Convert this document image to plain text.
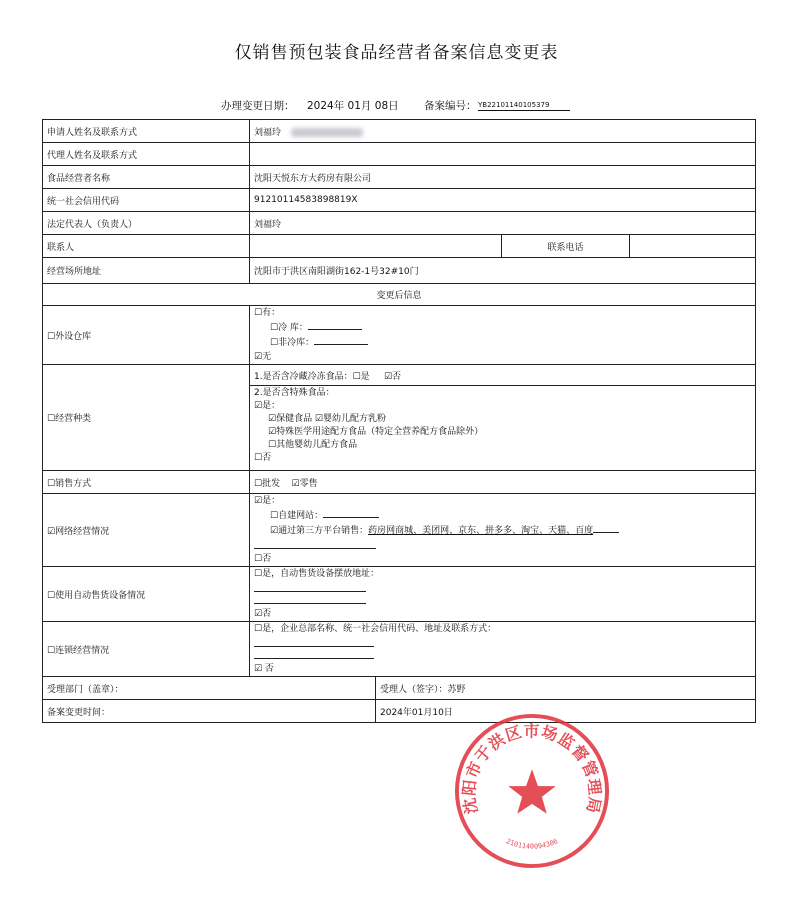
仅销售预包装食品经营者备案信息变更表
办理变更日期： 2024年 01月 08日 备案编号： YB22101140105379
申请人姓名及联系方式	刘福玲
代理人姓名及联系方式	
食品经营者名称	沈阳天悦东方大药房有限公司
统一社会信用代码	91210114583898819X
法定代表人（负责人）	刘福玲
联系人		联系电话	
经营场所地址	沈阳市于洪区南阳湖街162-1号32#10门
变更后信息
☐外设仓库	
☐有：
☐冷 库：
☐非冷库：
☑无

☐经营种类	
1.是否含冷藏冷冻食品：☐是 ☑否

2.是否含特殊食品：
☑是：
☑保健食品 ☑婴幼儿配方乳粉
☑特殊医学用途配方食品（特定全营养配方食品除外）
☐其他婴幼儿配方食品
☐否

☐销售方式	☐批发 ☑零售
☑网络经营情况	
☑是：
☐自建网站：
☑通过第三方平台销售：药房网商城、美团网、京东、拼多多、淘宝、天猫、百度
☐否

☐使用自动售货设备情况	
☐是，自动售货设备摆放地址：
☑否

☐连锁经营情况	
☐是，企业总部名称、统一社会信用代码、地址及联系方式：
☑ 否

受理部门（盖章）：	受理人（签字）：苏野
备案变更时间：	2024年01月10日
沈阳市于洪区市场监督管理局
2101140094306
